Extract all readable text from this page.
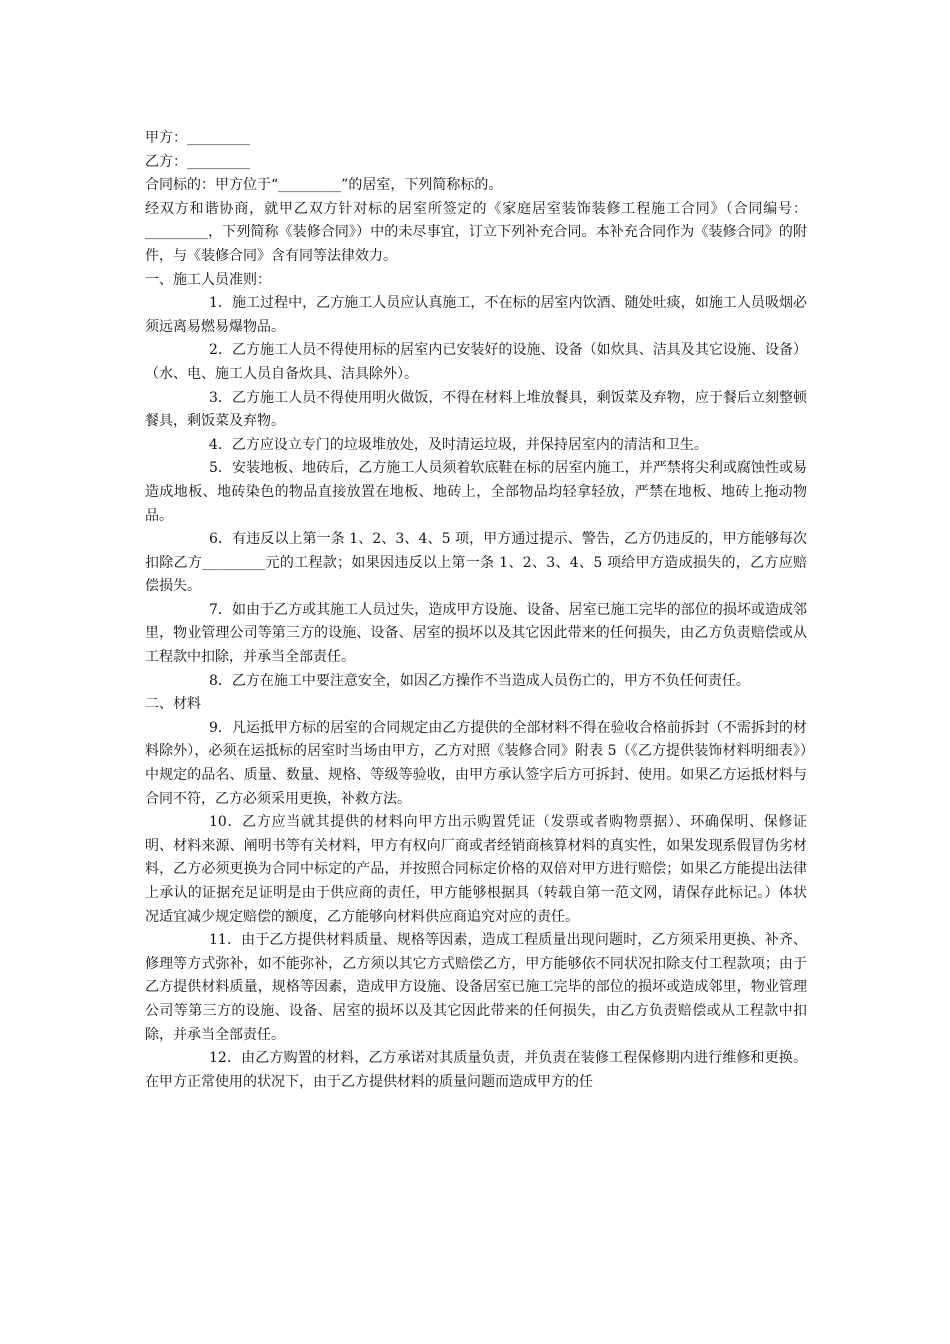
甲方：_________

乙方：_________

合同标的：甲方位于“_________”的居室，下列简称标的。

经双方和谐协商，就甲乙双方针对标的居室所签定的《家庭居室装饰装修工程施工合同》（合同编号：_________，下列简称《装修合同》）中的未尽事宜，订立下列补充合同。本补充合同作为《装修合同》的附件，与《装修合同》含有同等法律效力。

一、施工人员准则：

1．施工过程中，乙方施工人员应认真施工，不在标的居室内饮酒、随处吐痰，如施工人员吸烟必须远离易燃易爆物品。

2．乙方施工人员不得使用标的居室内已安装好的设施、设备（如炊具、洁具及其它设施、设备）（水、电、施工人员自备炊具、洁具除外）。

3．乙方施工人员不得使用明火做饭，不得在材料上堆放餐具，剩饭菜及弃物，应于餐后立刻整顿餐具，剩饭菜及弃物。

4．乙方应设立专门的垃圾堆放处，及时清运垃圾，并保持居室内的清洁和卫生。

5．安装地板、地砖后，乙方施工人员须着软底鞋在标的居室内施工，并严禁将尖利或腐蚀性或易造成地板、地砖染色的物品直接放置在地板、地砖上，全部物品均轻拿轻放，严禁在地板、地砖上拖动物品。

6．有违反以上第一条 1、2、3、4、5 项，甲方通过提示、警告，乙方仍违反的，甲方能够每次扣除乙方_________元的工程款；如果因违反以上第一条 1、2、3、4、5 项给甲方造成损失的，乙方应赔偿损失。

7．如由于乙方或其施工人员过失，造成甲方设施、设备、居室已施工完毕的部位的损坏或造成邻里，物业管理公司等第三方的设施、设备、居室的损坏以及其它因此带来的任何损失，由乙方负责赔偿或从工程款中扣除，并承当全部责任。

8．乙方在施工中要注意安全，如因乙方操作不当造成人员伤亡的，甲方不负任何责任。

二、材料

9．凡运抵甲方标的居室的合同规定由乙方提供的全部材料不得在验收合格前拆封（不需拆封的材料除外），必须在运抵标的居室时当场由甲方，乙方对照《装修合同》附表 5（《乙方提供装饰材料明细表》）中规定的品名、质量、数量、规格、等级等验收，由甲方承认签字后方可拆封、使用。如果乙方运抵材料与合同不符，乙方必须采用更换，补救方法。

10．乙方应当就其提供的材料向甲方出示购置凭证（发票或者购物票据）、环确保明、保修证明、材料来源、阐明书等有关材料，甲方有权向厂商或者经销商核算材料的真实性，如果发现系假冒伪劣材料，乙方必须更换为合同中标定的产品，并按照合同标定价格的双倍对甲方进行赔偿；如果乙方能提出法律上承认的证据充足证明是由于供应商的责任，甲方能够根据具（转载自第一范文网，请保存此标记。）体状况适宜减少规定赔偿的额度，乙方能够向材料供应商追究对应的责任。

11．由于乙方提供材料质量、规格等因素，造成工程质量出现问题时，乙方须采用更换、补齐、修理等方式弥补，如不能弥补，乙方须以其它方式赔偿乙方，甲方能够依不同状况扣除支付工程款项；由于乙方提供材料质量，规格等因素，造成甲方设施、设备居室已施工完毕的部位的损坏或造成邻里，物业管理公司等第三方的设施、设备、居室的损坏以及其它因此带来的任何损失，由乙方负责赔偿或从工程款中扣除，并承当全部责任。

12．由乙方购置的材料，乙方承诺对其质量负责，并负责在装修工程保修期内进行维修和更换。在甲方正常使用的状况下，由于乙方提供材料的质量问题而造成甲方的任
